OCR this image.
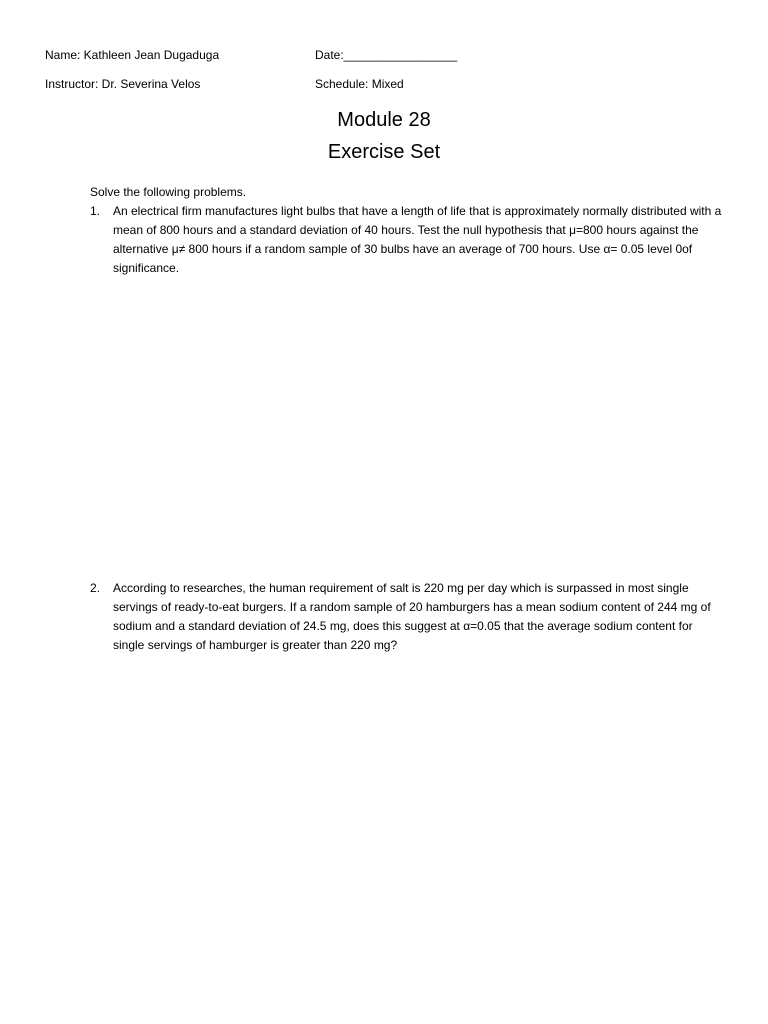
Name: Kathleen Jean Dugaduga	Date:_________________
Instructor: Dr. Severina Velos	Schedule: Mixed
Module 28
Exercise Set
Solve the following problems.
1.	An electrical firm manufactures light bulbs that have a length of life that is approximately normally distributed with a mean of 800 hours and a standard deviation of 40 hours. Test the null hypothesis that μ=800 hours against the alternative μ≠ 800 hours if a random sample of 30 bulbs have an average of 700 hours. Use α= 0.05 level 0of significance.
2.	According to researches, the human requirement of salt is 220 mg per day which is surpassed in most single servings of ready-to-eat burgers. If a random sample of 20 hamburgers has a mean sodium content of 244 mg of sodium and a standard deviation of 24.5 mg, does this suggest at α=0.05 that the average sodium content for single servings of hamburger is greater than 220 mg?
